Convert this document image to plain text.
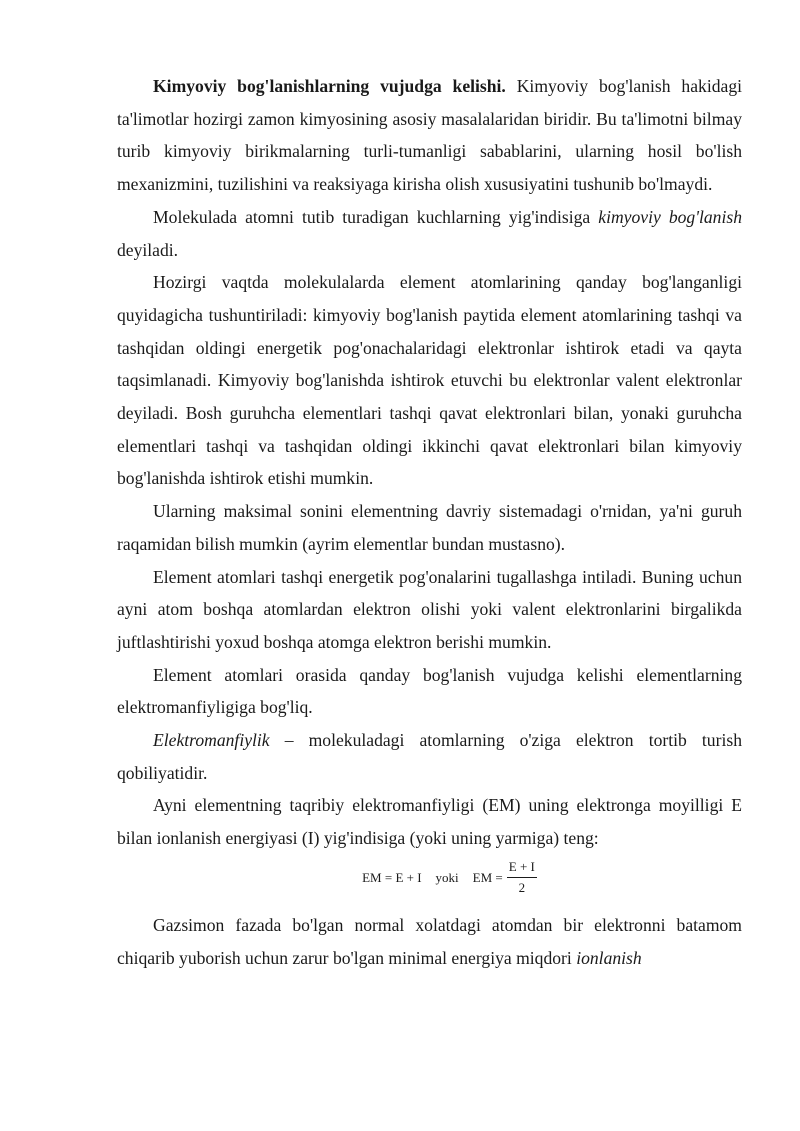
Kimyoviy bog'lanishlarning vujudga kelishi. Kimyoviy bog'lanish hakidagi ta'limotlar hozirgi zamon kimyosining asosiy masalalaridan biridir. Bu ta'limotni bilmay turib kimyoviy birikmalarning turli-tumanligi sabablarini, ularning hosil bo'lish mexanizmini, tuzilishini va reaksiyaga kirisha olish xususiyatini tushunib bo'lmaydi.

Molekulada atomni tutib turadigan kuchlarning yig'indisiga kimyoviy bog'lanish deyiladi.

Hozirgi vaqtda molekulalarda element atomlarining qanday bog'langanligi quyidagicha tushuntiriladi: kimyoviy bog'lanish paytida element atomlarining tashqi va tashqidan oldingi energetik pog'onachalaridagi elektronlar ishtirok etadi va qayta taqsimlanadi. Kimyoviy bog'lanishda ishtirok etuvchi bu elektronlar valent elektronlar deyiladi. Bosh guruhcha elementlari tashqi qavat elektronlari bilan, yonaki guruhcha elementlari tashqi va tashqidan oldingi ikkinchi qavat elektronlari bilan kimyoviy bog'lanishda ishtirok etishi mumkin.

Ularning maksimal sonini elementning davriy sistemadagi o'rnidan, ya'ni guruh raqamidan bilish mumkin (ayrim elementlar bundan mustasno).

Element atomlari tashqi energetik pog'onalarini tugallashga intiladi. Buning uchun ayni atom boshqa atomlardan elektron olishi yoki valent elektronlarini birgalikda juftlashtirishi yoxud boshqa atomga elektron berishi mumkin.

Element atomlari orasida qanday bog'lanish vujudga kelishi elementlarning elektromanfiyligiga bog'liq.

Elektromanfiylik – molekuladagi atomlarning o'ziga elektron tortib turish qobiliyatidir.

Ayni elementning taqribiy elektromanfiyligi (EM) uning elektronga moyilligi E bilan ionlanish energiyasi (I) yig'indisiga (yoki uning yarmiga) teng:

EM = E + I yoki EM = $\frac{E + I}{2}$

Gazsimon fazada bo'lgan normal xolatdagi atomdan bir elektronni batamom chiqarib yuborish uchun zarur bo'lgan minimal energiya miqdori ionlanish
